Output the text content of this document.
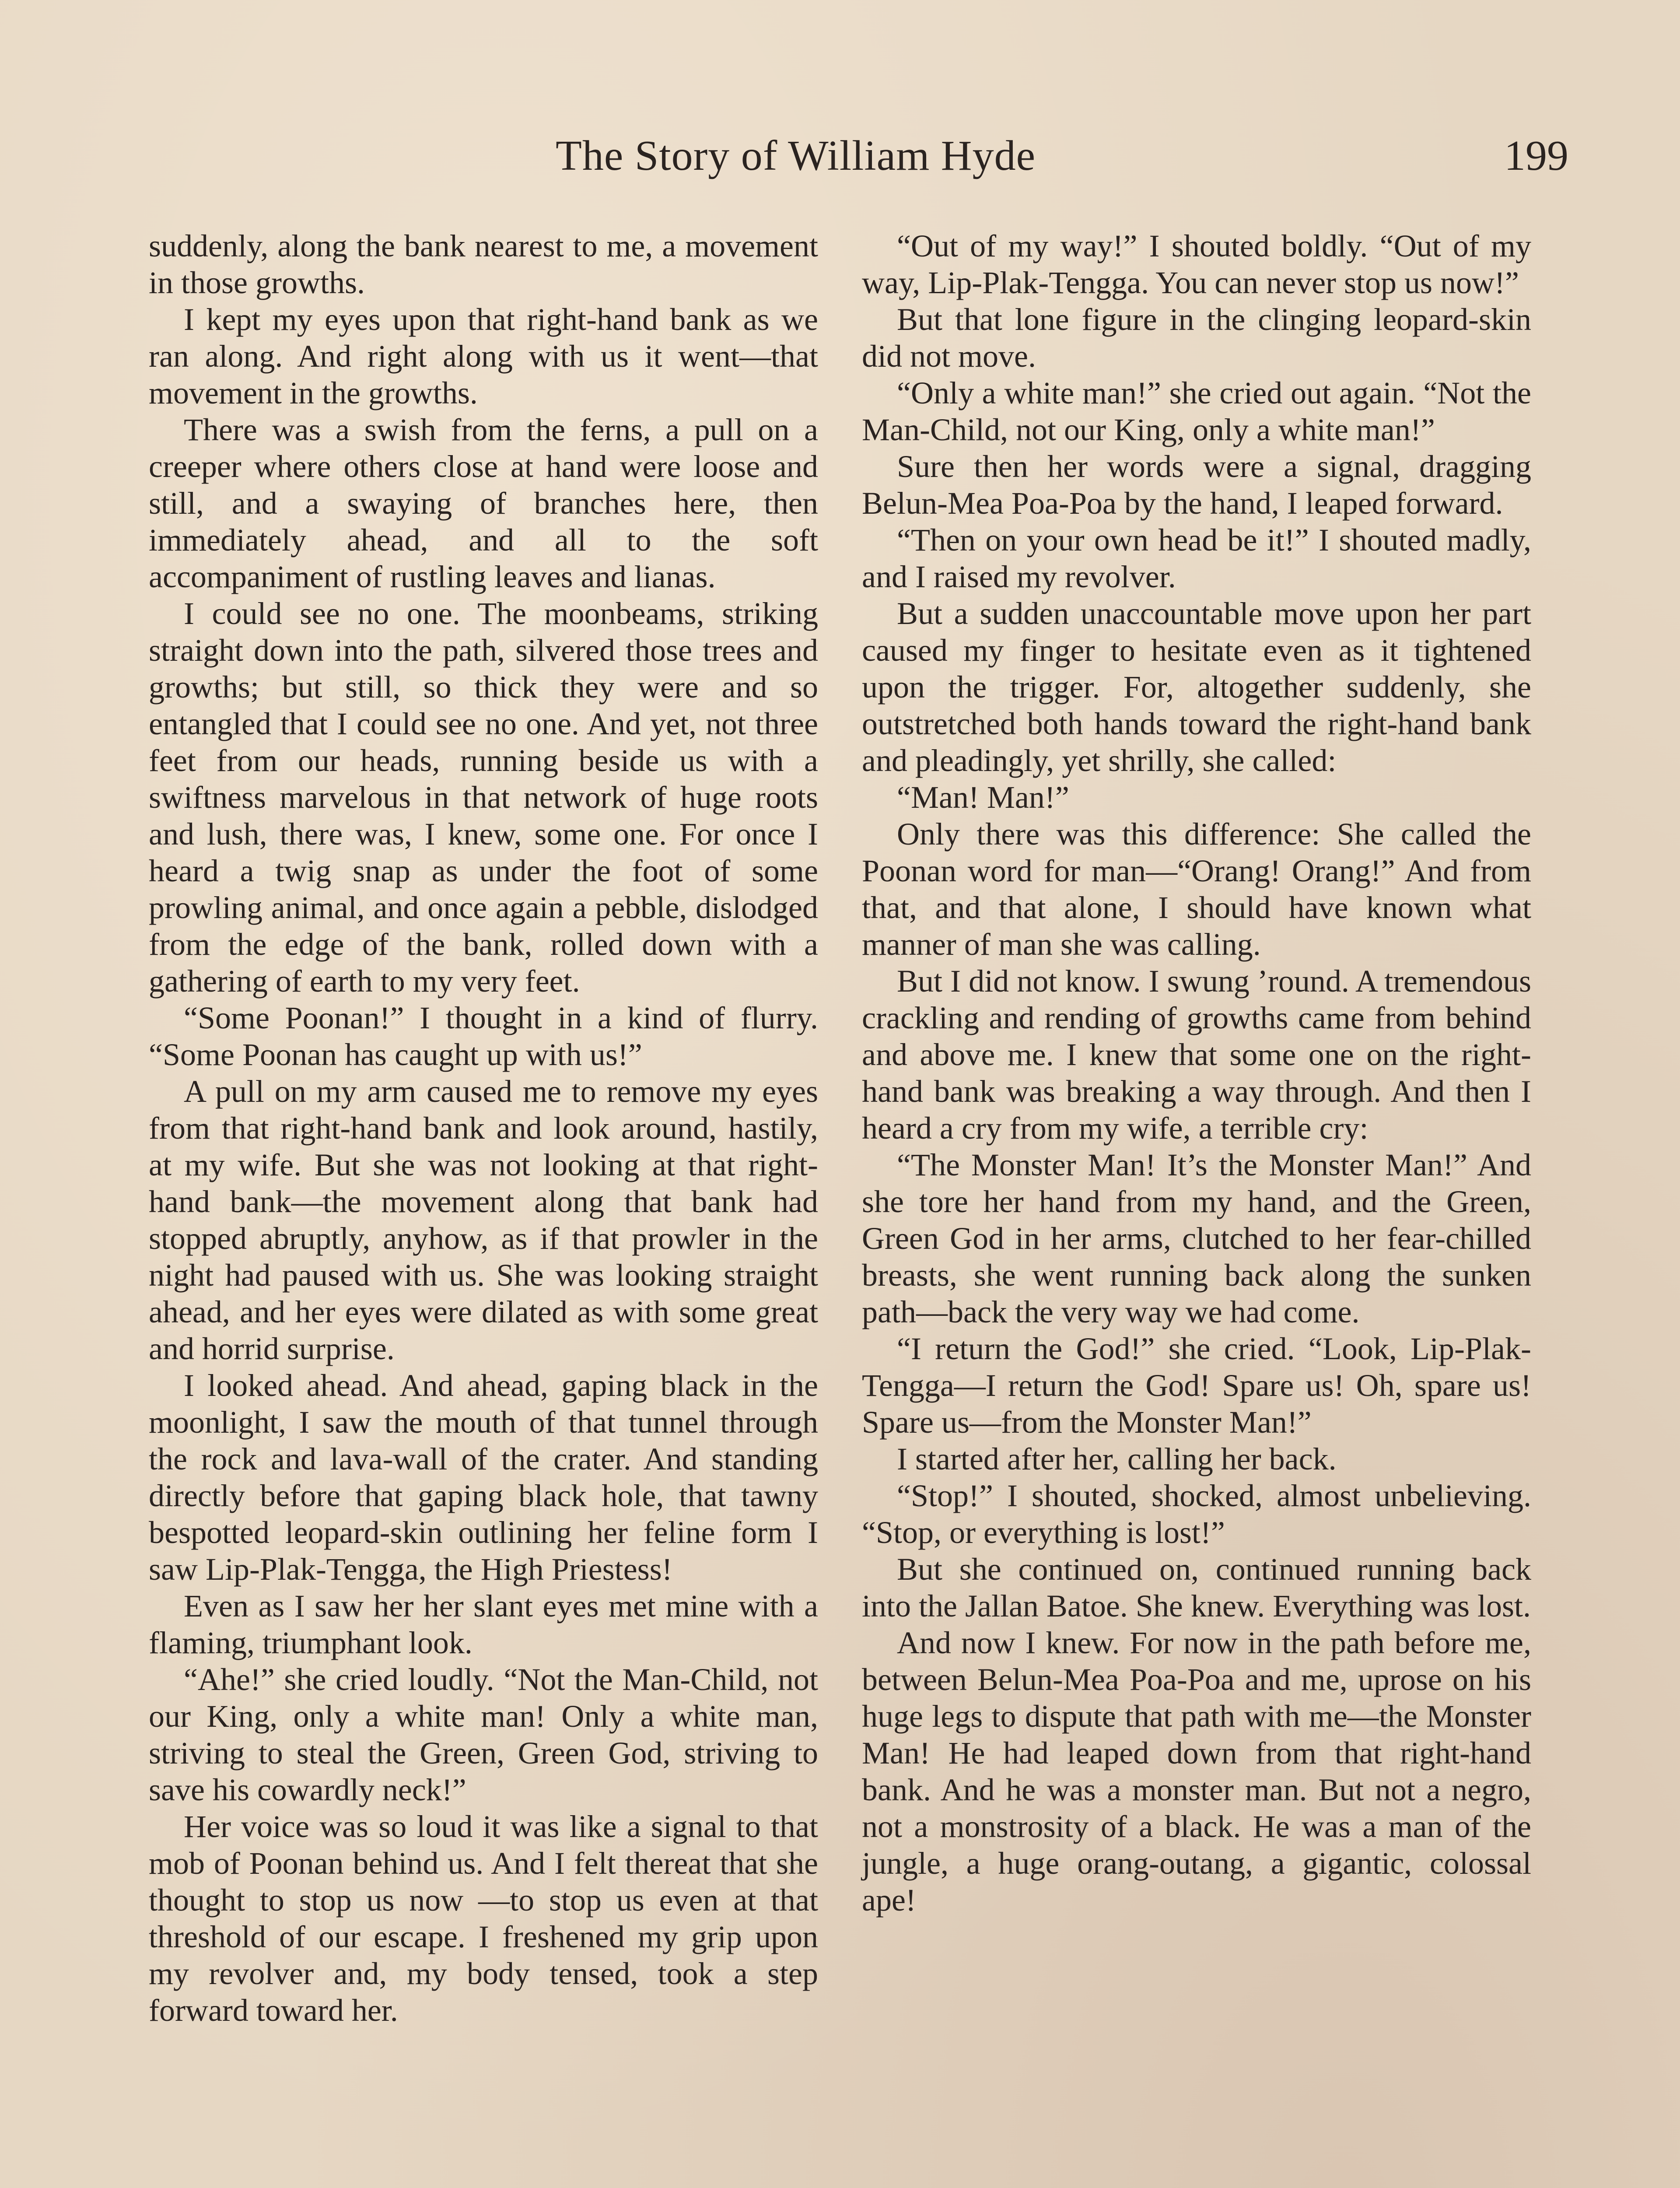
The Story of William Hyde	199

suddenly, along the bank nearest to me, a movement in those growths.

I kept my eyes upon that right-hand bank as we ran along. And right along with us it went—that movement in the growths.

There was a swish from the ferns, a pull on a creeper where others close at hand were loose and still, and a swaying of branches here, then immediately ahead, and all to the soft accompaniment of rustling leaves and lianas.

I could see no one. The moonbeams, striking straight down into the path, silvered those trees and growths; but still, so thick they were and so entangled that I could see no one. And yet, not three feet from our heads, running beside us with a swiftness marvelous in that network of huge roots and lush, there was, I knew, some one. For once I heard a twig snap as under the foot of some prowling animal, and once again a pebble, dislodged from the edge of the bank, rolled down with a gathering of earth to my very feet.

“Some Poonan!” I thought in a kind of flurry. “Some Poonan has caught up with us!”

A pull on my arm caused me to remove my eyes from that right-hand bank and look around, hastily, at my wife. But she was not looking at that right-hand bank—the movement along that bank had stopped abruptly, anyhow, as if that prowler in the night had paused with us. She was looking straight ahead, and her eyes were dilated as with some great and horrid surprise.

I looked ahead. And ahead, gaping black in the moonlight, I saw the mouth of that tunnel through the rock and lava-wall of the crater. And standing directly before that gaping black hole, that tawny bespotted leopard-skin outlining her feline form I saw Lip-Plak-Tengga, the High Priestess!

Even as I saw her her slant eyes met mine with a flaming, triumphant look.

“Ahe!” she cried loudly. “Not the Man-Child, not our King, only a white man! Only a white man, striving to steal the Green, Green God, striving to save his cowardly neck!”

Her voice was so loud it was like a signal to that mob of Poonan behind us. And I felt thereat that she thought to stop us now —to stop us even at that threshold of our escape. I freshened my grip upon my revolver and, my body tensed, took a step forward toward her.

“Out of my way!” I shouted boldly. “Out of my way, Lip-Plak-Tengga. You can never stop us now!”

But that lone figure in the clinging leopard-skin did not move.

“Only a white man!” she cried out again. “Not the Man-Child, not our King, only a white man!”

Sure then her words were a signal, dragging Belun-Mea Poa-Poa by the hand, I leaped forward.

“Then on your own head be it!” I shouted madly, and I raised my revolver.

But a sudden unaccountable move upon her part caused my finger to hesitate even as it tightened upon the trigger. For, altogether suddenly, she outstretched both hands toward the right-hand bank and pleadingly, yet shrilly, she called:

“Man! Man!”

Only there was this difference: She called the Poonan word for man—“Orang! Orang!” And from that, and that alone, I should have known what manner of man she was calling.

But I did not know. I swung ’round. A tremendous crackling and rending of growths came from behind and above me. I knew that some one on the right-hand bank was breaking a way through. And then I heard a cry from my wife, a terrible cry:

“The Monster Man! It’s the Monster Man!” And she tore her hand from my hand, and the Green, Green God in her arms, clutched to her fear-chilled breasts, she went running back along the sunken path—back the very way we had come.

“I return the God!” she cried. “Look, Lip-Plak-Tengga—I return the God! Spare us! Oh, spare us! Spare us—from the Monster Man!”

I started after her, calling her back.

“Stop!” I shouted, shocked, almost unbelieving. “Stop, or everything is lost!”

But she continued on, continued running back into the Jallan Batoe. She knew. Everything was lost.

And now I knew. For now in the path before me, between Belun-Mea Poa-Poa and me, uprose on his huge legs to dispute that path with me—the Monster Man! He had leaped down from that right-hand bank. And he was a monster man. But not a negro, not a monstrosity of a black. He was a man of the jungle, a huge orang-outang, a gigantic, colossal ape!
